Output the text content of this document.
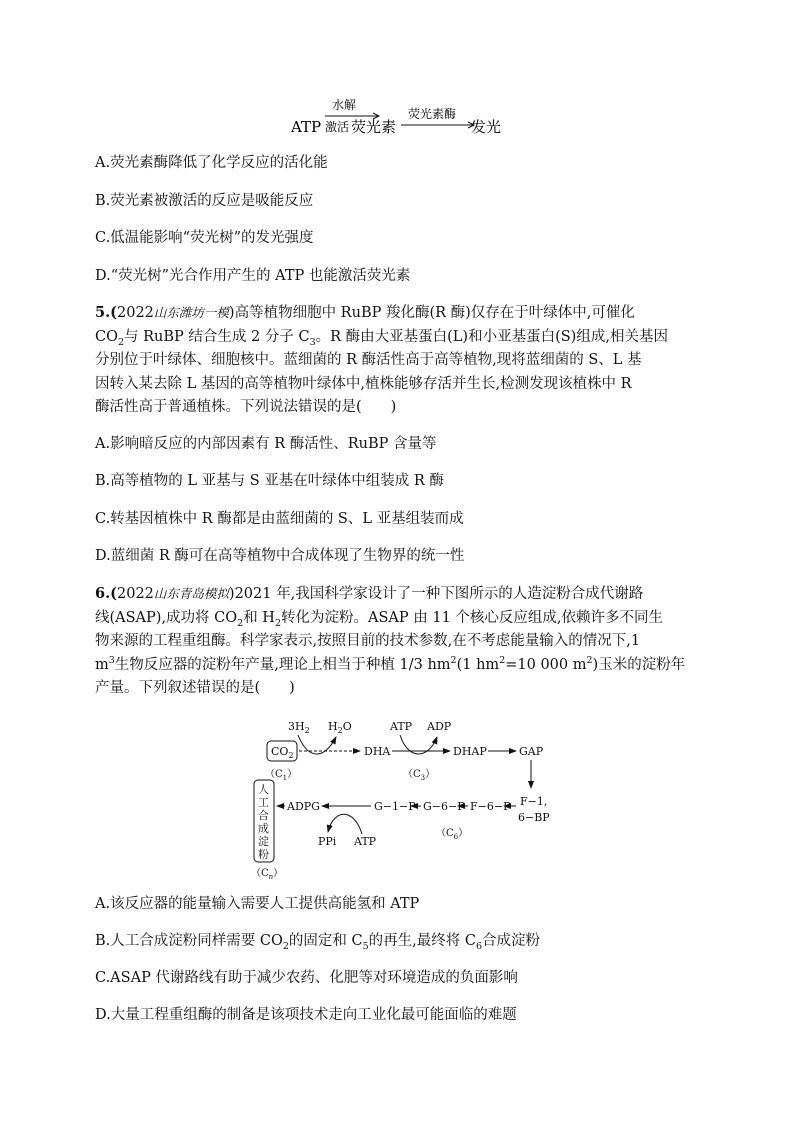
ATP
水解
激活 荧光素
荧光素酶
发光
A.荧光素酶降低了化学反应的活化能
B.荧光素被激活的反应是吸能反应
C.低温能影响“荧光树”的发光强度
D.“荧光树”光合作用产生的 ATP 也能激活荧光素
5.(2022山东潍坊一模)高等植物细胞中 RuBP 羧化酶(R 酶)仅存在于叶绿体中,可催化
$CO_2$与 RuBP 结合生成 2 分子 $C_3$。R 酶由大亚基蛋白(L)和小亚基蛋白(S)组成,相关基因
分别位于叶绿体、细胞核中。蓝细菌的 R 酶活性高于高等植物,现将蓝细菌的 S、L 基
因转入某去除 L 基因的高等植物叶绿体中,植株能够存活并生长,检测发现该植株中 R
酶活性高于普通植株。下列说法错误的是(　　)
A.影响暗反应的内部因素有 R 酶活性、RuBP 含量等
B.高等植物的 L 亚基与 S 亚基在叶绿体中组装成 R 酶
C.转基因植株中 R 酶都是由蓝细菌的 S、L 亚基组装而成
D.蓝细菌 R 酶可在高等植物中合成体现了生物界的统一性
6.(2022山东青岛模拟)2021 年,我国科学家设计了一种下图所示的人造淀粉合成代谢路
线(ASAP),成功将 $CO_2$和 $H_2$转化为淀粉。ASAP 由 11 个核心反应组成,依赖许多不同生
物来源的工程重组酶。科学家表示,按照目前的技术参数,在不考虑能量输入的情况下,1
$m^3$生物反应器的淀粉年产量,理论上相当于种植 1/3 $hm^2(1$ $hm^2=10$ 000 $m^2$)玉米的淀粉年
产量。下列叙述错误的是(　　)
$3H_2$ $H_2O$	ATP ADP
$CO_2$
$(C_1)$
DHA	DHAP
$(C_3)$
GAP
F−1,
6−BP
F−6−P
G−6−P
G−1−P
$(C_6)$
ADPG
PPi ATP
人
工
合
成
淀
粉
$(C_n)$
A.该反应器的能量输入需要人工提供高能氢和 ATP
B.人工合成淀粉同样需要 $CO_2$的固定和 $C_5$的再生,最终将 $C_6$合成淀粉
C.ASAP 代谢路线有助于减少农药、化肥等对环境造成的负面影响
D.大量工程重组酶的制备是该项技术走向工业化最可能面临的难题
